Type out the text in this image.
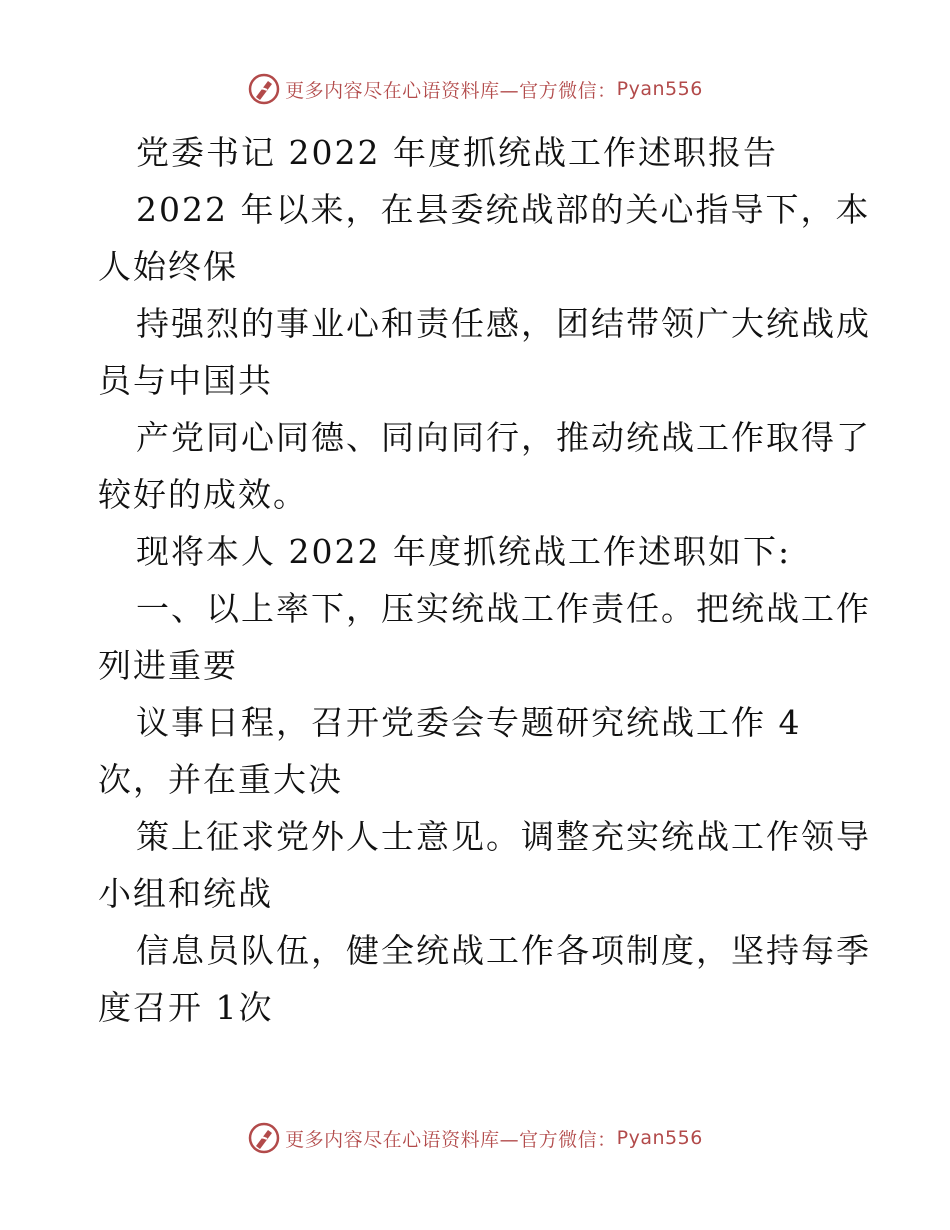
更多内容尽在心语资料库—官方微信： Pyan556

党委书记 2022 年度抓统战工作述职报告

2022 年以来，在县委统战部的关心指导下，本

人始终保

持强烈的事业心和责任感，团结带领广大统战成

员与中国共

产党同心同德、同向同行，推动统战工作取得了

较好的成效。

现将本人 2022 年度抓统战工作述职如下:

一、以上率下，压实统战工作责任。把统战工作

列进重要

议事日程，召开党委会专题研究统战工作 4

次，并在重大决

策上征求党外人士意见。调整充实统战工作领导

小组和统战

信息员队伍，健全统战工作各项制度，坚持每季

度召开 1次

更多内容尽在心语资料库—官方微信： Pyan556
